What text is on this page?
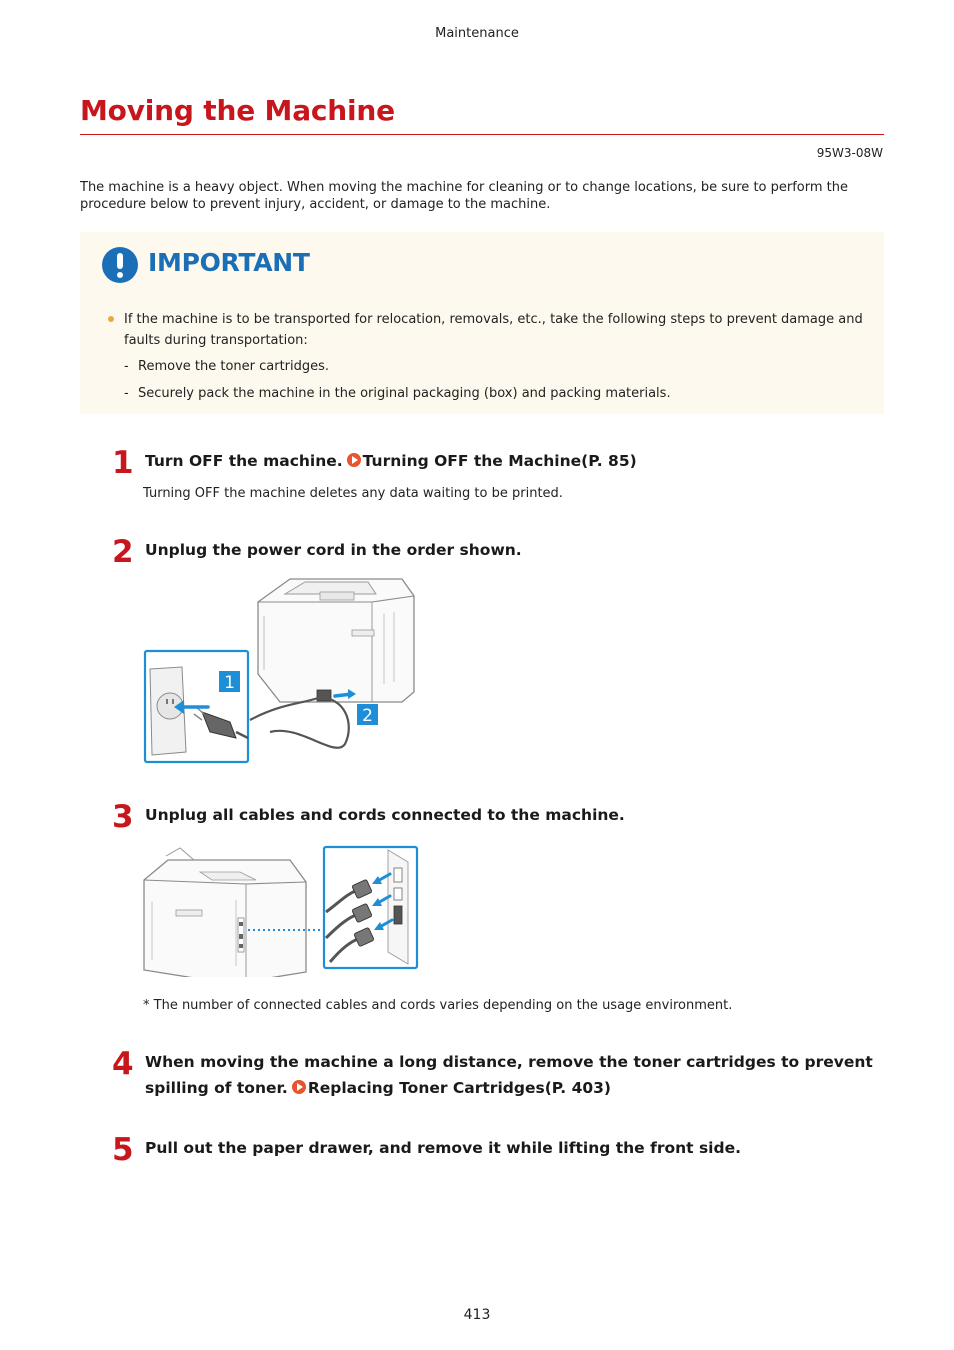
Maintenance
Moving the Machine
95W3-08W
The machine is a heavy object. When moving the machine for cleaning or to change locations, be sure to perform the procedure below to prevent injury, accident, or damage to the machine.
IMPORTANT
If the machine is to be transported for relocation, removals, etc., take the following steps to prevent damage and faults during transportation:
- Remove the toner cartridges.
- Securely pack the machine in the original packaging (box) and packing materials.
1 Turn OFF the machine. Turning OFF the Machine(P. 85)
Turning OFF the machine deletes any data waiting to be printed.
2 Unplug the power cord in the order shown.
2
1
3 Unplug all cables and cords connected to the machine.
* The number of connected cables and cords varies depending on the usage environment.
4 When moving the machine a long distance, remove the toner cartridges to prevent spilling of toner. Replacing Toner Cartridges(P. 403)
5 Pull out the paper drawer, and remove it while lifting the front side.
413
